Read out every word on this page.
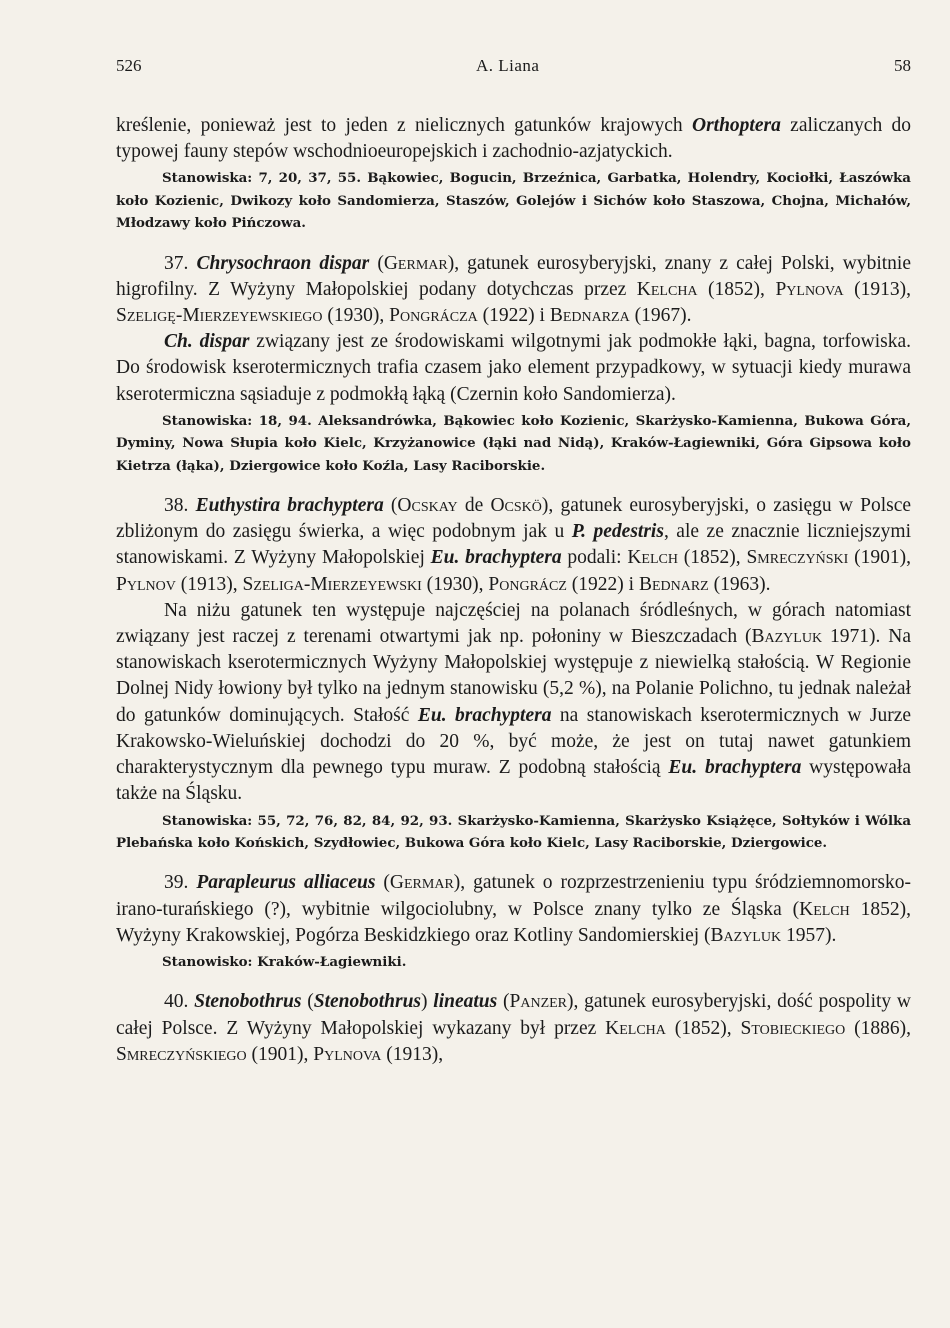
526	A. Liana	58

kreślenie, ponieważ jest to jeden z nielicznych gatunków krajowych Orthoptera zaliczanych do typowej fauny stepów wschodnioeuropejskich i zachodnio-azjatyckich.

Stanowiska: 7, 20, 37, 55. Bąkowiec, Bogucin, Brzeźnica, Garbatka, Holendry, Kociołki, Łaszówka koło Kozienic, Dwikozy koło Sandomierza, Staszów, Golejów i Sichów koło Staszowa, Chojna, Michałów, Młodzawy koło Pińczowa.

37. Chrysochraon dispar (Germar), gatunek eurosyberyjski, znany z całej Polski, wybitnie higrofilny. Z Wyżyny Małopolskiej podany dotychczas przez Kelcha (1852), Pylnova (1913), Szeligę-Mierzeyewskiego (1930), Pongrácza (1922) i Bednarza (1967).

Ch. dispar związany jest ze środowiskami wilgotnymi jak podmokłe łąki, bagna, torfowiska. Do środowisk kserotermicznych trafia czasem jako element przypadkowy, w sytuacji kiedy murawa kserotermiczna sąsiaduje z podmokłą łąką (Czernin koło Sandomierza).

Stanowiska: 18, 94. Aleksandrówka, Bąkowiec koło Kozienic, Skarżysko-Kamienna, Bukowa Góra, Dyminy, Nowa Słupia koło Kielc, Krzyżanowice (łąki nad Nidą), Kraków-Łagiewniki, Góra Gipsowa koło Kietrza (łąka), Dziergowice koło Koźla, Lasy Raciborskie.

38. Euthystira brachyptera (Ocskay de Ocskö), gatunek eurosyberyjski, o zasięgu w Polsce zbliżonym do zasięgu świerka, a więc podobnym jak u P. pedestris, ale ze znacznie liczniejszymi stanowiskami. Z Wyżyny Małopolskiej Eu. brachyptera podali: Kelch (1852), Smreczyński (1901), Pylnov (1913), Szeliga-Mierzeyewski (1930), Pongrácz (1922) i Bednarz (1963).

Na niżu gatunek ten występuje najczęściej na polanach śródleśnych, w górach natomiast związany jest raczej z terenami otwartymi jak np. połoniny w Bieszczadach (Bazyluk 1971). Na stanowiskach kserotermicznych Wyżyny Małopolskiej występuje z niewielką stałością. W Regionie Dolnej Nidy łowiony był tylko na jednym stanowisku (5,2 %), na Polanie Polichno, tu jednak należał do gatunków dominujących. Stałość Eu. brachyptera na stanowiskach kserotermicznych w Jurze Krakowsko-Wieluńskiej dochodzi do 20 %, być może, że jest on tutaj nawet gatunkiem charakterystycznym dla pewnego typu muraw. Z podobną stałością Eu. brachyptera występowała także na Śląsku.

Stanowiska: 55, 72, 76, 82, 84, 92, 93. Skarżysko-Kamienna, Skarżysko Książęce, Sołtyków i Wólka Plebańska koło Końskich, Szydłowiec, Bukowa Góra koło Kielc, Lasy Raciborskie, Dziergowice.

39. Parapleurus alliaceus (Germar), gatunek o rozprzestrzenieniu typu śródziemnomorsko-irano-turańskiego (?), wybitnie wilgociolubny, w Polsce znany tylko ze Śląska (Kelch 1852), Wyżyny Krakowskiej, Pogórza Beskidzkiego oraz Kotliny Sandomierskiej (Bazyluk 1957).

Stanowisko: Kraków-Łagiewniki.

40. Stenobothrus (Stenobothrus) lineatus (Panzer), gatunek eurosyberyjski, dość pospolity w całej Polsce. Z Wyżyny Małopolskiej wykazany był przez Kelcha (1852), Stobieckiego (1886), Smreczyńskiego (1901), Pylnova (1913),
